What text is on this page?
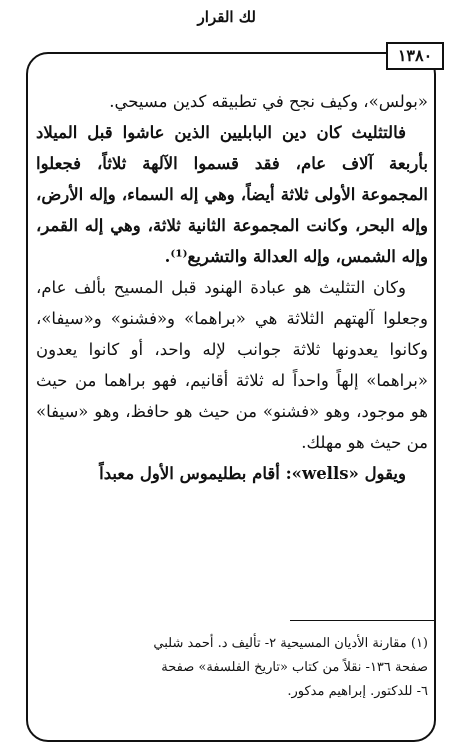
لك القرار
١٣٨٠

«بولس»، وكيف نجح في تطبيقه كدين مسيحي.

فالتثليث كان دين البابليين الذين عاشوا قبل الميلاد بأربعة آلاف عام، فقد قسموا الآلهة ثلاثاً، فجعلوا المجموعة الأولى ثلاثة أيضاً، وهي إله السماء، وإله الأرض، وإله البحر، وكانت المجموعة الثانية ثلاثة، وهي إله القمر، وإله الشمس، وإله العدالة والتشريع⁽¹⁾.

وكان التثليث هو عبادة الهنود قبل المسيح بألف عام، وجعلوا آلهتهم الثلاثة هي «براهما» و«فشنو» و«سيفا»، وكانوا يعدونها ثلاثة جوانب لإله واحد، أو كانوا يعدون «براهما» إلهاً واحداً له ثلاثة أقانيم، فهو براهما من حيث هو موجود، وهو «فشنو» من حيث هو حافظ، وهو «سيفا» من حيث هو مهلك.

ويقول «wells»: أقام بطليموس الأول معبداً

(١) مقارنة الأديان المسيحية ٢- تأليف د. أحمد شلبي

صفحة ١٣٦- نقلاً من كتاب «تاريخ الفلسفة» صفحة

٦- للدكتور. إبراهيم مدكور.
